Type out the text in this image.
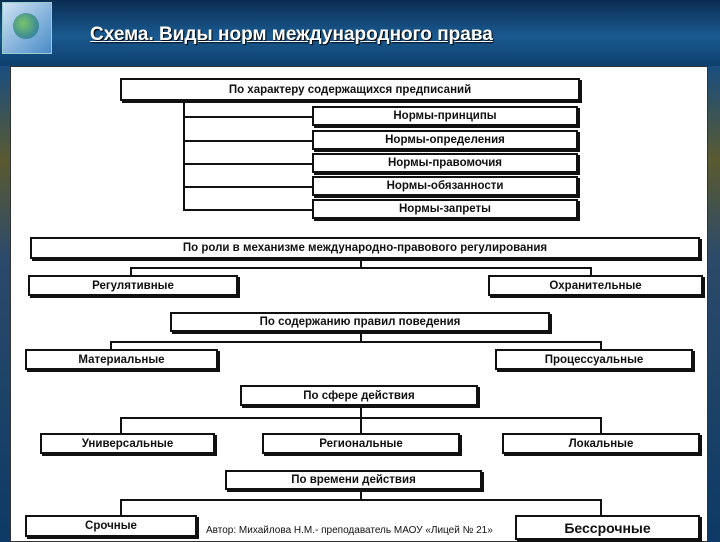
Схема. Виды норм международного права
По характеру содержащихся предписаний
Нормы-принципы
Нормы-определения
Нормы-правомочия
Нормы-обязанности
Нормы-запреты
По роли в механизме международно-правового регулирования
Регулятивные	Охранительные
По содержанию правил поведения
Материальные	Процессуальные
По сфере действия
Универсальные	Региональные	Локальные
По времени действия
Срочные	Бессрочные
Автор: Михайлова Н.М.- преподаватель МАОУ «Лицей № 21»
